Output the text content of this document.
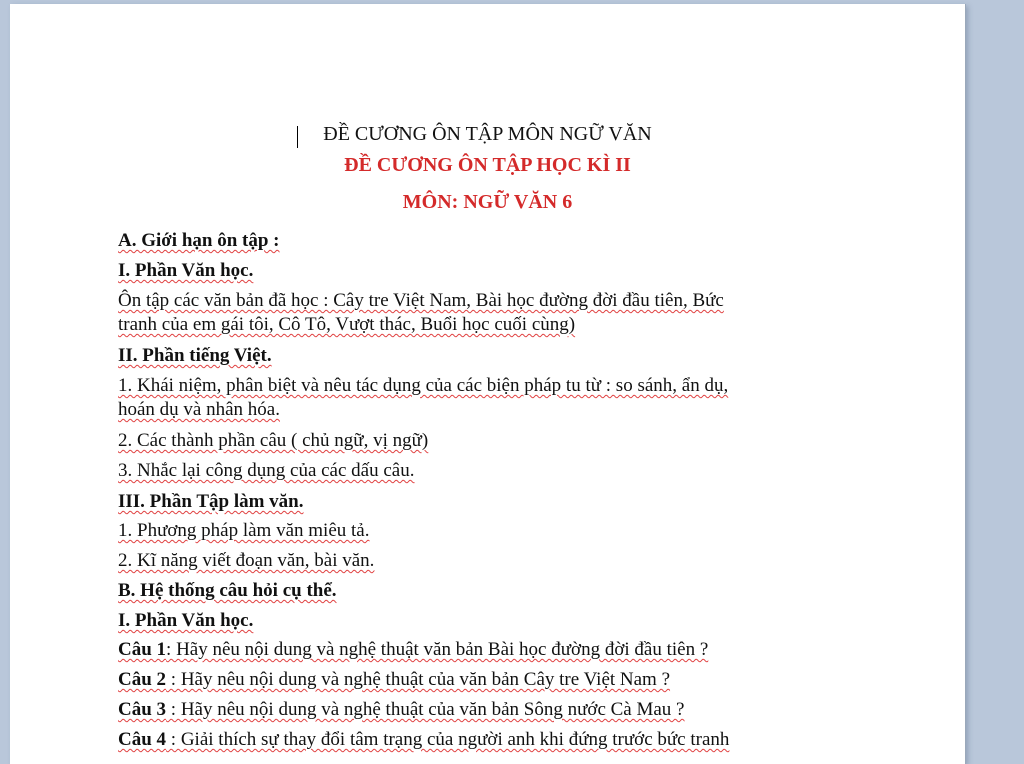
ĐỀ CƯƠNG ÔN TẬP MÔN NGỮ VĂN
ĐỀ CƯƠNG ÔN TẬP HỌC KÌ II
MÔN: NGỮ VĂN 6
A. Giới hạn ôn tập :
I. Phần Văn học.
Ôn tập các văn bản đã học : Cây tre Việt Nam, Bài học đường đời đầu tiên, Bức
tranh của em gái tôi, Cô Tô, Vượt thác, Buổi học cuối cùng)
II. Phần tiếng Việt.
1. Khái niệm, phân biệt và nêu tác dụng của các biện pháp tu từ : so sánh, ẩn dụ,
hoán dụ và nhân hóa.
2. Các thành phần câu ( chủ ngữ, vị ngữ)
3. Nhắc lại công dụng của các dấu câu.
III. Phần Tập làm văn.
1. Phương pháp làm văn miêu tả.
2. Kĩ năng viết đoạn văn, bài văn.
B. Hệ thống câu hỏi cụ thể.
I. Phần Văn học.
Câu 1: Hãy nêu nội dung và nghệ thuật văn bản Bài học đường đời đầu tiên ?
Câu 2 : Hãy nêu nội dung và nghệ thuật của văn bản Cây tre Việt Nam ?
Câu 3 : Hãy nêu nội dung và nghệ thuật của văn bản Sông nước Cà Mau ?
Câu 4 : Giải thích sự thay đổi tâm trạng của người anh khi đứng trước bức tranh
